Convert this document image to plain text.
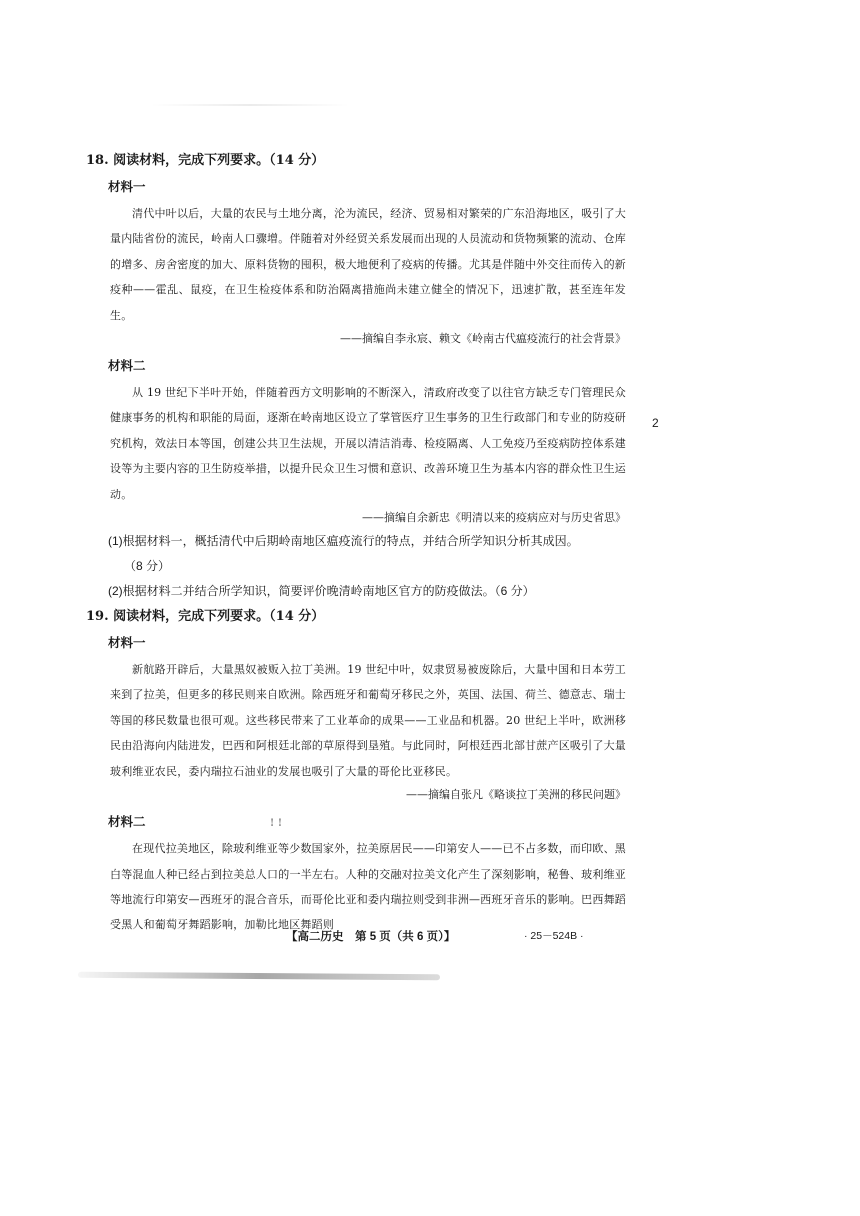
18. 阅读材料，完成下列要求。（14 分）

材料一

清代中叶以后，大量的农民与土地分离，沦为流民，经济、贸易相对繁荣的广东沿海地区，吸引了大量内陆省份的流民，岭南人口骤增。伴随着对外经贸关系发展而出现的人员流动和货物频繁的流动、仓库的增多、房舍密度的加大、原料货物的囤积，极大地便利了疫病的传播。尤其是伴随中外交往而传入的新疫种——霍乱、鼠疫，在卫生检疫体系和防治隔离措施尚未建立健全的情况下，迅速扩散，甚至连年发生。

——摘编自李永宸、赖文《岭南古代瘟疫流行的社会背景》

材料二

从 19 世纪下半叶开始，伴随着西方文明影响的不断深入，清政府改变了以往官方缺乏专门管理民众健康事务的机构和职能的局面，逐渐在岭南地区设立了掌管医疗卫生事务的卫生行政部门和专业的防疫研究机构，效法日本等国，创建公共卫生法规，开展以清洁消毒、检疫隔离、人工免疫乃至疫病防控体系建设等为主要内容的卫生防疫举措，以提升民众卫生习惯和意识、改善环境卫生为基本内容的群众性卫生运动。

——摘编自余新忠《明清以来的疫病应对与历史省思》

(1)根据材料一，概括清代中后期岭南地区瘟疫流行的特点，并结合所学知识分析其成因。
（8 分）

(2)根据材料二并结合所学知识，简要评价晚清岭南地区官方的防疫做法。（6 分）

19. 阅读材料，完成下列要求。（14 分）

材料一

新航路开辟后，大量黑奴被贩入拉丁美洲。19 世纪中叶，奴隶贸易被废除后，大量中国和日本劳工来到了拉美，但更多的移民则来自欧洲。除西班牙和葡萄牙移民之外，英国、法国、荷兰、德意志、瑞士等国的移民数量也很可观。这些移民带来了工业革命的成果——工业品和机器。20 世纪上半叶，欧洲移民由沿海向内陆进发，巴西和阿根廷北部的草原得到垦殖。与此同时，阿根廷西北部甘蔗产区吸引了大量玻利维亚农民，委内瑞拉石油业的发展也吸引了大量的哥伦比亚移民。

——摘编自张凡《略谈拉丁美洲的移民问题》

材料二	! !

在现代拉美地区，除玻利维亚等少数国家外，拉美原居民——印第安人——已不占多数，而印欧、黑白等混血人种已经占到拉美总人口的一半左右。人种的交融对拉美文化产生了深刻影响，秘鲁、玻利维亚等地流行印第安—西班牙的混合音乐，而哥伦比亚和委内瑞拉则受到非洲—西班牙音乐的影响。巴西舞蹈受黑人和葡萄牙舞蹈影响，加勒比地区舞蹈则

2
【高二历史　第 5 页（共 6 页）】	· 25－524B ·
